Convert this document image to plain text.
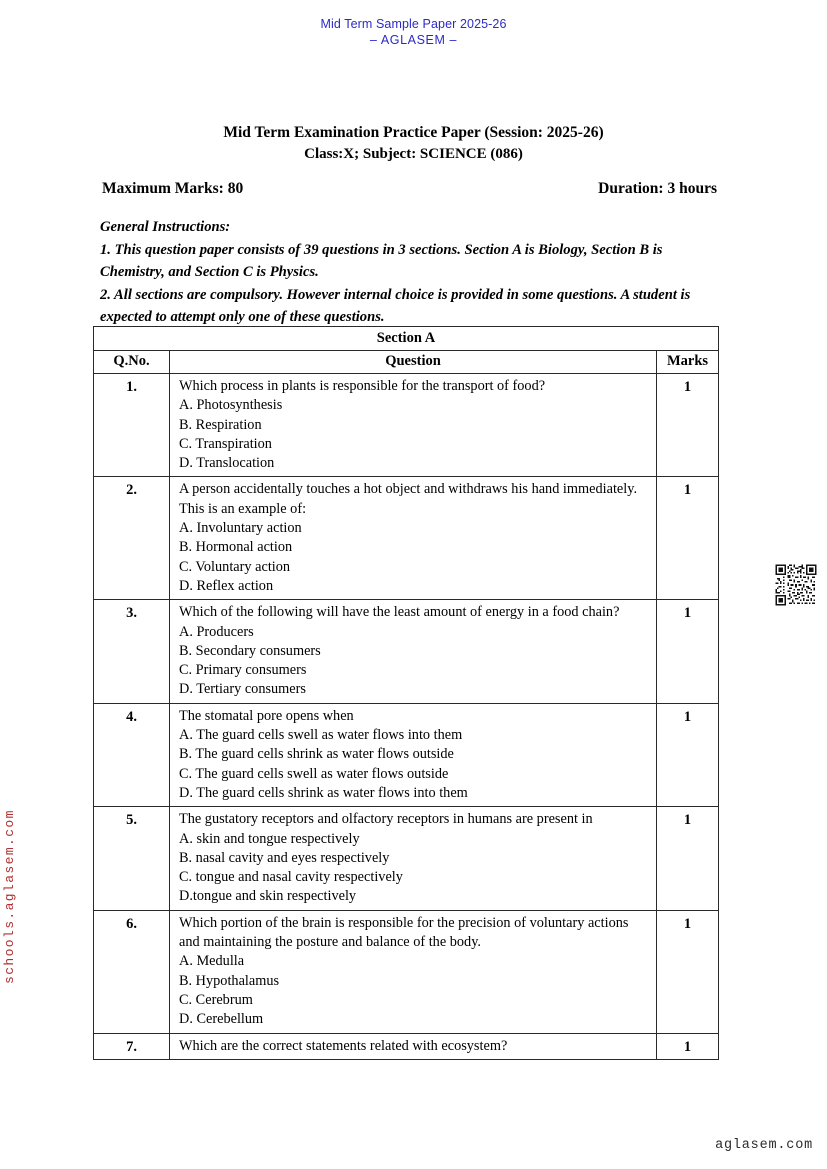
Mid Term Sample Paper 2025-26
– AGLASEM –
Mid Term Examination Practice Paper (Session: 2025-26)
Class:X; Subject: SCIENCE (086)
Maximum Marks: 80	Duration: 3 hours

General Instructions:

1. This question paper consists of 39 questions in 3 sections. Section A is Biology, Section B is Chemistry, and Section C is Physics.

2. All sections are compulsory. However internal choice is provided in some questions. A student is expected to attempt only one of these questions.

Section A		
Q.No.	Question	Marks
1.	Which process in plants is responsible for the transport of food?

A. Photosynthesis

B. Respiration

C. Transpiration

D. Translocation	1
2.	A person accidentally touches a hot object and withdraws his hand immediately. This is an example of:

A. Involuntary action

B. Hormonal action

C. Voluntary action

D. Reflex action	1
3.	Which of the following will have the least amount of energy in a food chain?

A. Producers

B. Secondary consumers

C. Primary consumers

D. Tertiary consumers	1
4.	The stomatal pore opens when

A. The guard cells swell as water flows into them

B. The guard cells shrink as water flows outside

C. The guard cells swell as water flows outside

D. The guard cells shrink as water flows into them	1
5.	The gustatory receptors and olfactory receptors in humans are present in

A. skin and tongue respectively

B. nasal cavity and eyes respectively

C. tongue and nasal cavity respectively

D.tongue and skin respectively	1
6.	Which portion of the brain is responsible for the precision of voluntary actions and maintaining the posture and balance of the body.

A. Medulla

B. Hypothalamus

C. Cerebrum

D. Cerebellum	1
7.	Which are the correct statements related with ecosystem?	1
schools.aglasem.com
aglasem.com
